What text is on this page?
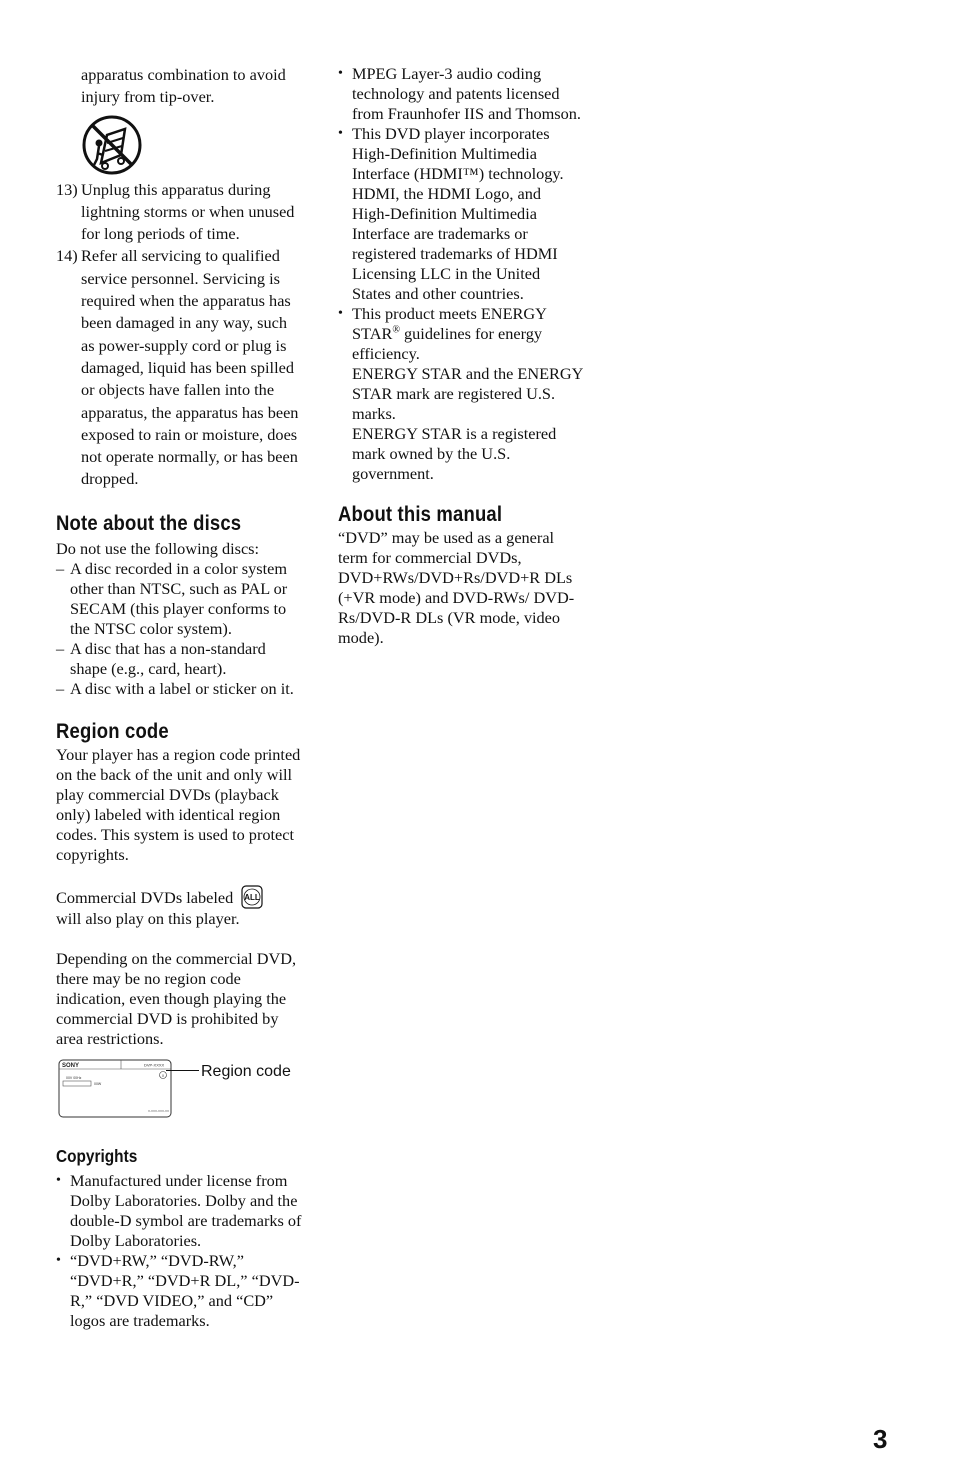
apparatus combination to avoid injury from tip-over.

13) Unplug this apparatus during lightning storms or when unused for long periods of time.
14) Refer all servicing to qualified service personnel. Servicing is required when the apparatus has been damaged in any way, such as power-supply cord or plug is damaged, liquid has been spilled or objects have fallen into the apparatus, the apparatus has been exposed to rain or moisture, does not operate normally, or has been dropped.
Note about the discs

Do not use the following discs:

– A disc recorded in a color system other than NTSC, such as PAL or SECAM (this player conforms to the NTSC color system).
– A disc that has a non-standard shape (e.g., card, heart).
– A disc with a label or sticker on it.
Region code

Your player has a region code printed on the back of the unit and only will play commercial DVDs (playback only) labeled with identical region codes. This system is used to protect copyrights.

Commercial DVDs labeled ALL

will also play on this player.

Depending on the commercial DVD, there may be no region code indication, even though playing the commercial DVD is prohibited by area restrictions.

SONY	DVP-XXXX
X
00V 00Hz
00W
X-XXX-XXX-XX
Region code
Copyrights
• Manufactured under license from Dolby Laboratories. Dolby and the double-D symbol are trademarks of Dolby Laboratories.
• “DVD+RW,” “DVD-RW,” “DVD+R,” “DVD+R DL,” “DVD-R,” “DVD VIDEO,” and “CD” logos are trademarks.
• MPEG Layer-3 audio coding technology and patents licensed from Fraunhofer IIS and Thomson.
• This DVD player incorporates High-Definition Multimedia Interface (HDMI™) technology. HDMI, the HDMI Logo, and High-Definition Multimedia Interface are trademarks or registered trademarks of HDMI Licensing LLC in the United States and other countries.
• This product meets ENERGY STAR® guidelines for energy efficiency.
ENERGY STAR and the ENERGY STAR mark are registered U.S. marks.
ENERGY STAR is a registered mark owned by the U.S. government.
About this manual

“DVD” may be used as a general term for commercial DVDs, DVD+RWs/DVD+Rs/DVD+R DLs (+VR mode) and DVD-RWs/ DVD-Rs/DVD-R DLs (VR mode, video mode).

3
